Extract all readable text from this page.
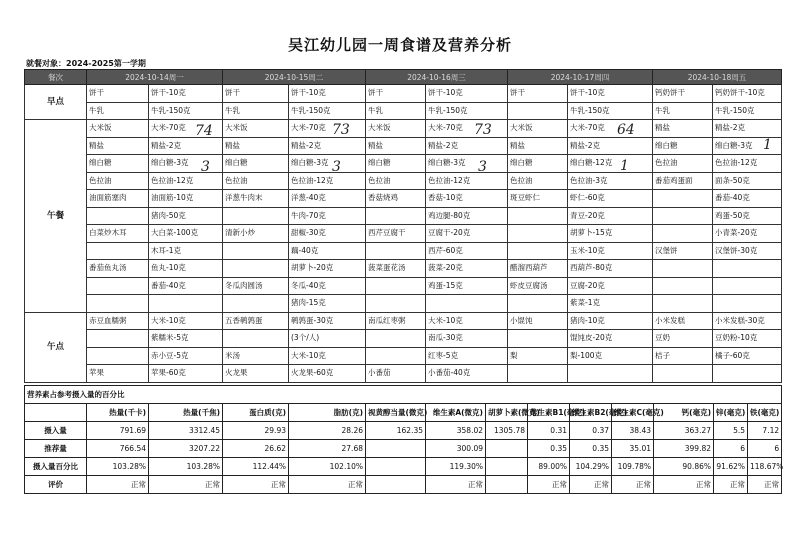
吴江幼儿园一周食谱及营养分析
就餐对象：2024-2025第一学期
餐次	2024-10-14周一		2024-10-15周二		2024-10-16周三		2024-10-17周四		2024-10-18周五	
早点	饼干	饼干-10克	饼干	饼干-10克	饼干	饼干-10克	饼干	饼干-10克	钙奶饼干	钙奶饼干-10克
	牛乳	牛乳-150克	牛乳	牛乳-150克	牛乳	牛乳-150克		牛乳-150克	牛乳	牛乳-150克
午餐	大米饭	大米-70克	大米饭	大米-70克	大米饭	大米-70克	大米饭	大米-70克	精盐	精盐-2克
	精盐	精盐-2克	精盐	精盐-2克	精盐	精盐-2克	精盐	精盐-2克	绵白糖	绵白糖-3克
	绵白糖	绵白糖-3克	绵白糖	绵白糖-3克	绵白糖	绵白糖-3克	绵白糖	绵白糖-12克	色拉油	色拉油-12克
	色拉油	色拉油-12克	色拉油	色拉油-12克	色拉油	色拉油-12克	色拉油	色拉油-3克	番茄鸡蛋面	面条-50克
	油面筋塞肉	油面筋-10克	洋葱牛肉末	洋葱-40克	香菇烧鸡	香菇-10克	斑豆虾仁	虾仁-60克		番茄-40克
		猪肉-50克		牛肉-70克		鸡边腿-80克		青豆-20克		鸡蛋-50克
	白菜炒木耳	大白菜-100克	清新小炒	甜椒-30克	西芹豆腐干	豆腐干-20克		胡萝卜-15克		小青菜-20克
		木耳-1克		藕-40克		西芹-60克		玉米-10克	汉堡饼	汉堡饼-30克
	番茄鱼丸汤	鱼丸-10克		胡萝卜-20克	菠菜蛋花汤	菠菜-20克	醋溜西葫芦	西葫芦-80克		
		番茄-40克	冬瓜肉圆汤	冬瓜-40克		鸡蛋-15克	虾皮豆腐汤	豆腐-20克		
				猪肉-15克				紫菜-1克		
午点	赤豆血糯粥	大米-10克	五香鹌鹑蛋	鹌鹑蛋-30克	南瓜红枣粥	大米-10克	小馄饨	猪肉-10克	小米发糕	小米发糕-30克
		紫糯米-5克		(3个/人)		南瓜-30克		馄饨皮-20克	豆奶	豆奶粉-10克
		赤小豆-5克	米汤	大米-10克		红枣-5克	梨	梨-100克	桔子	橘子-60克
	苹果	苹果-60克	火龙果	火龙果-60克	小番茄	小番茄-40克				
营养素占参考摄入量的百分比													
	热量(千卡)	热量(千焦)	蛋白质(克)	脂肪(克)	视黄醇当量(微克)	维生素A(微克)	胡萝卜素(微克)	维生素B1(毫克)	维生素B2(毫克)	维生素C(毫克)	钙(毫克)	锌(毫克)	铁(毫克)
摄入量	791.69	3312.45	29.93	28.26	162.35	358.02	1305.78	0.31	0.37	38.43	363.27	5.5	7.12
推荐量	766.54	3207.22	26.62	27.68		300.09		0.35	0.35	35.01	399.82	6	6
摄入量百分比	103.28%	103.28%	112.44%	102.10%		119.30%		89.00%	104.29%	109.78%	90.86%	91.62%	118.67%
评价	正常	正常	正常	正常		正常		正常	正常	正常	正常	正常	正常
74	73	73	64
1
3	3	3	1
